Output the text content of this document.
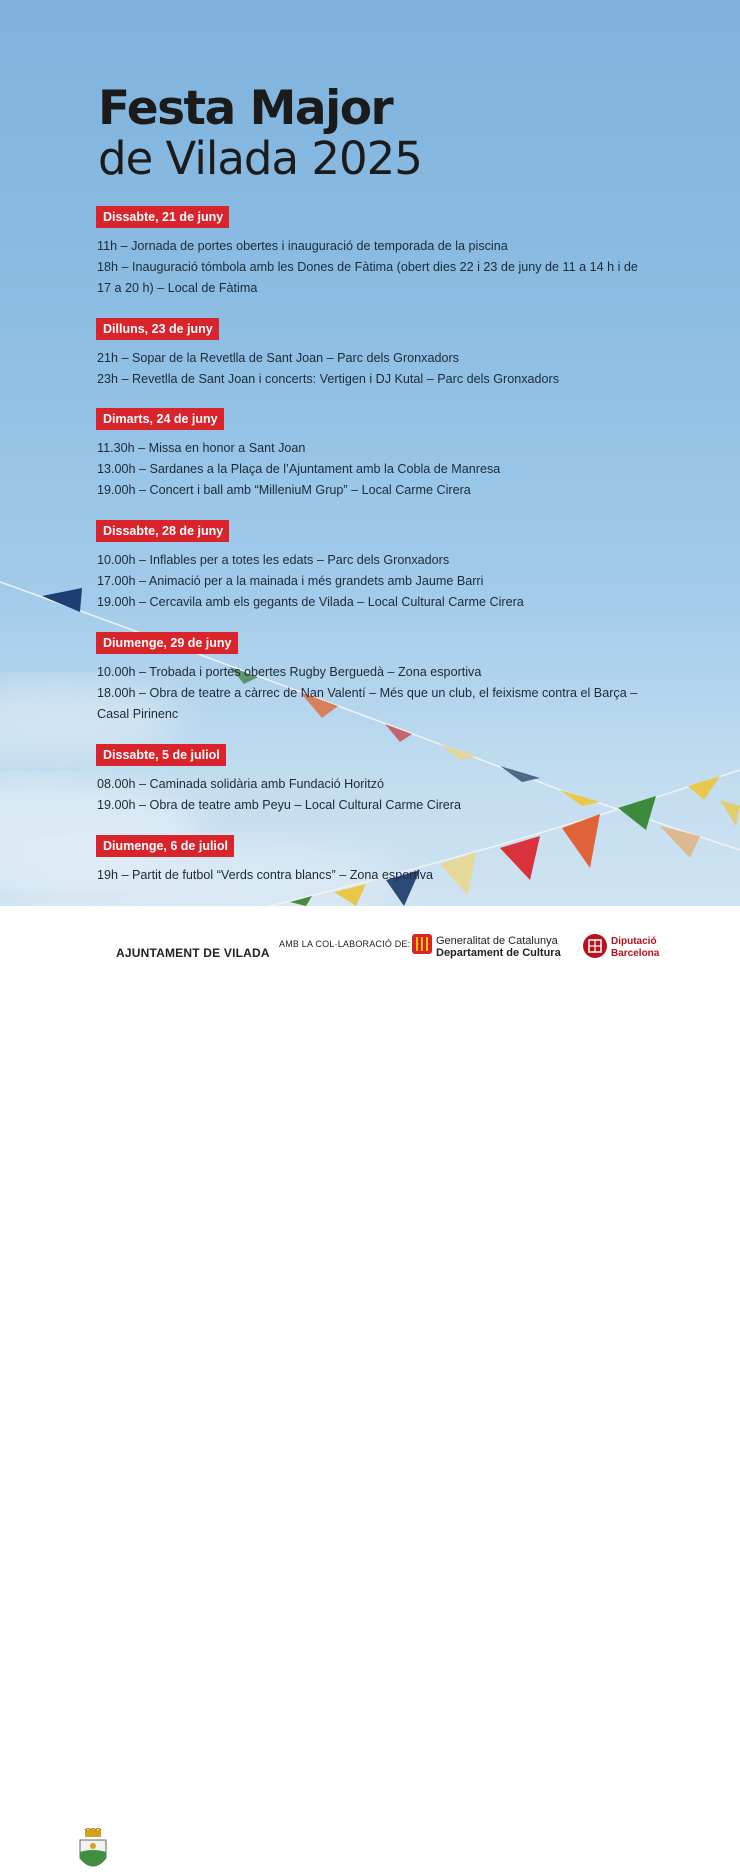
Festa Major
de Vilada 2025
Dissabte, 21 de juny
11h – Jornada de portes obertes i inauguració de temporada de la piscina
18h – Inauguració tómbola amb les Dones de Fàtima (obert dies 22 i 23 de juny de 11 a 14 h i de
17 a 20 h) – Local de Fàtima
Dilluns, 23 de juny
21h – Sopar de la Revetlla de Sant Joan – Parc dels Gronxadors
23h – Revetlla de Sant Joan i concerts: Vertigen i DJ Kutal – Parc dels Gronxadors
Dimarts, 24 de juny
11.30h – Missa en honor a Sant Joan
13.00h – Sardanes a la Plaça de l’Ajuntament amb la Cobla de Manresa
19.00h – Concert i ball amb “MilleniuM Grup” – Local Carme Cirera
Dissabte, 28 de juny
10.00h – Inflables per a totes les edats – Parc dels Gronxadors
17.00h – Animació per a la mainada i més grandets amb Jaume Barri
19.00h – Cercavila amb els gegants de Vilada – Local Cultural Carme Cirera
Diumenge, 29 de juny
10.00h – Trobada i portes obertes Rugby Berguedà – Zona esportiva
18.00h – Obra de teatre a càrrec de Nan Valentí – Més que un club, el feixisme contra el Barça –
Casal Pirinenc
Dissabte, 5 de juliol
08.00h – Caminada solidària amb Fundació Horitzó
19.00h – Obra de teatre amb Peyu – Local Cultural Carme Cirera
Diumenge, 6 de juliol
19h – Partit de futbol “Verds contra blancs” – Zona esportiva
AJUNTAMENT DE VILADA
AMB LA COL·LABORACIÓ DE: Generalitat de Catalunya
Departament de Cultura
Diputació
Barcelona
